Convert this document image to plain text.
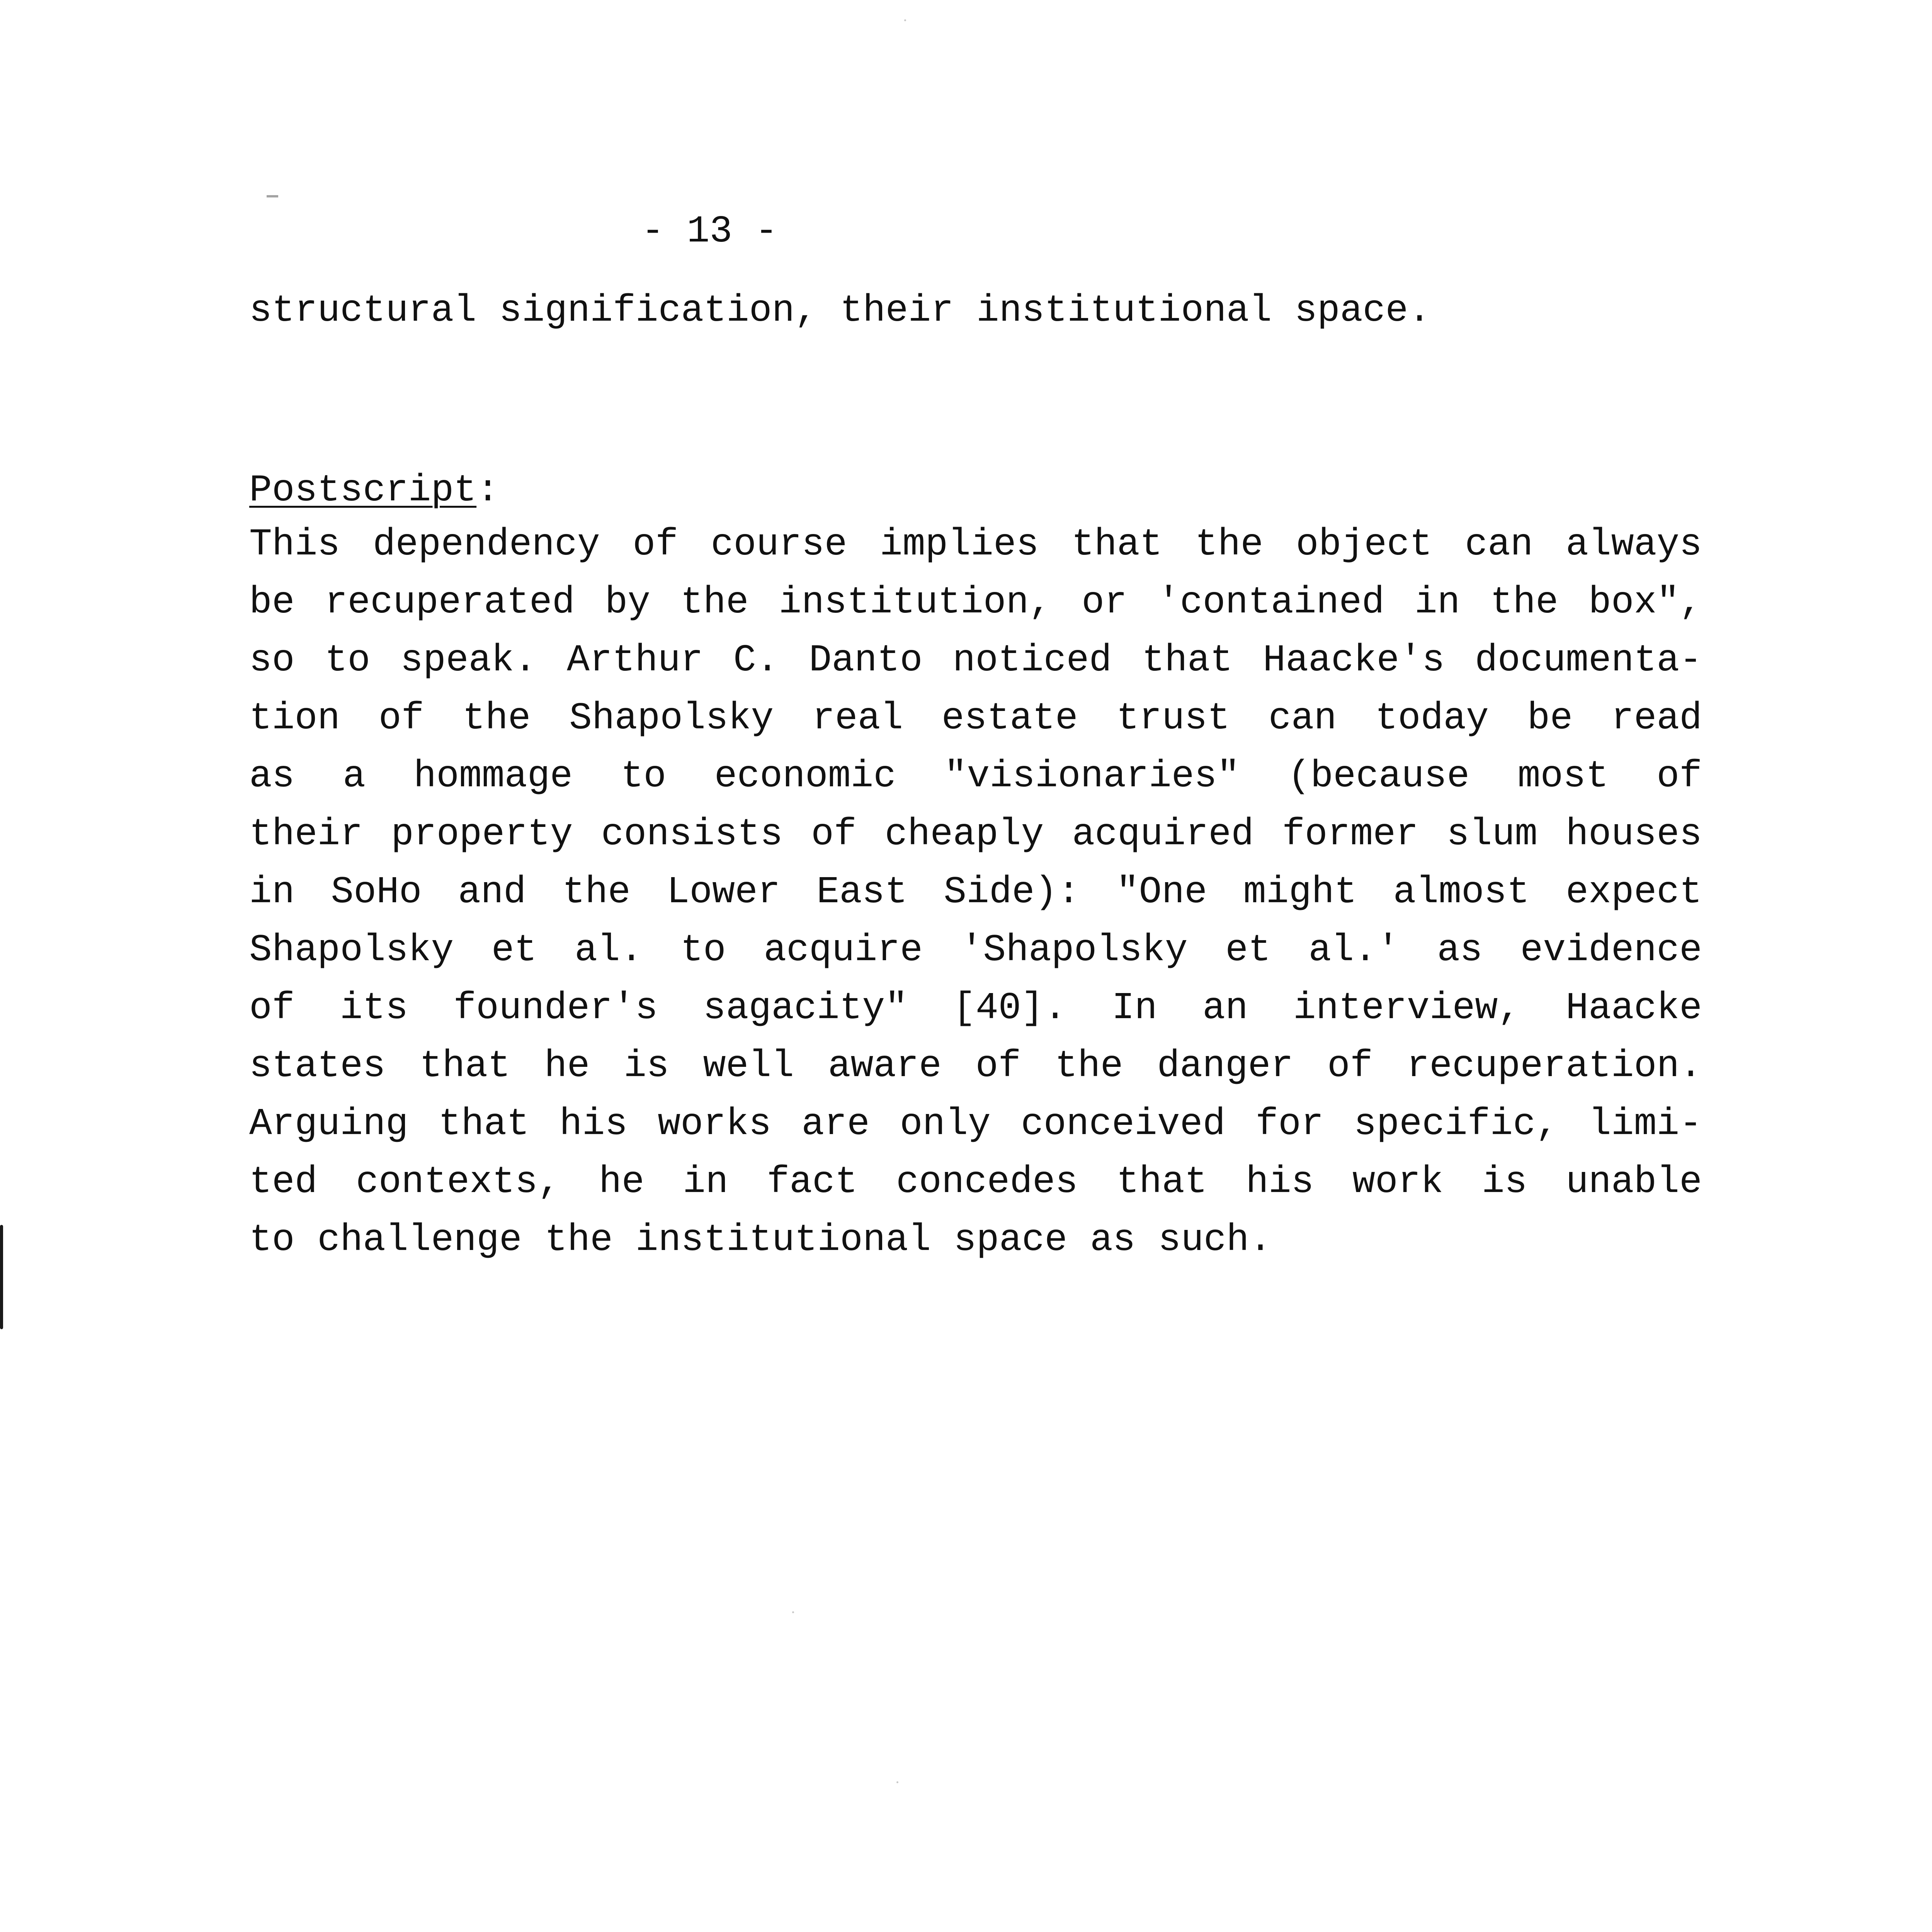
- 13 -
structural signification, their institutional space.
Postscript:
This dependency of course implies that the object can always
be recuperated by the institution, or 'contained in the box",
so to speak. Arthur C. Danto noticed that Haacke's documenta-
tion of the Shapolsky real estate trust can today be read
as a hommage to economic "visionaries" (because most of
their property consists of cheaply acquired former slum houses
in SoHo and the Lower East Side): "One might almost expect
Shapolsky et al. to acquire 'Shapolsky et al.' as evidence
of its founder's sagacity" [40]. In an interview, Haacke
states that he is well aware of the danger of recuperation.
Arguing that his works are only conceived for specific, limi-
ted contexts, he in fact concedes that his work is unable
to challenge the institutional space as such.
